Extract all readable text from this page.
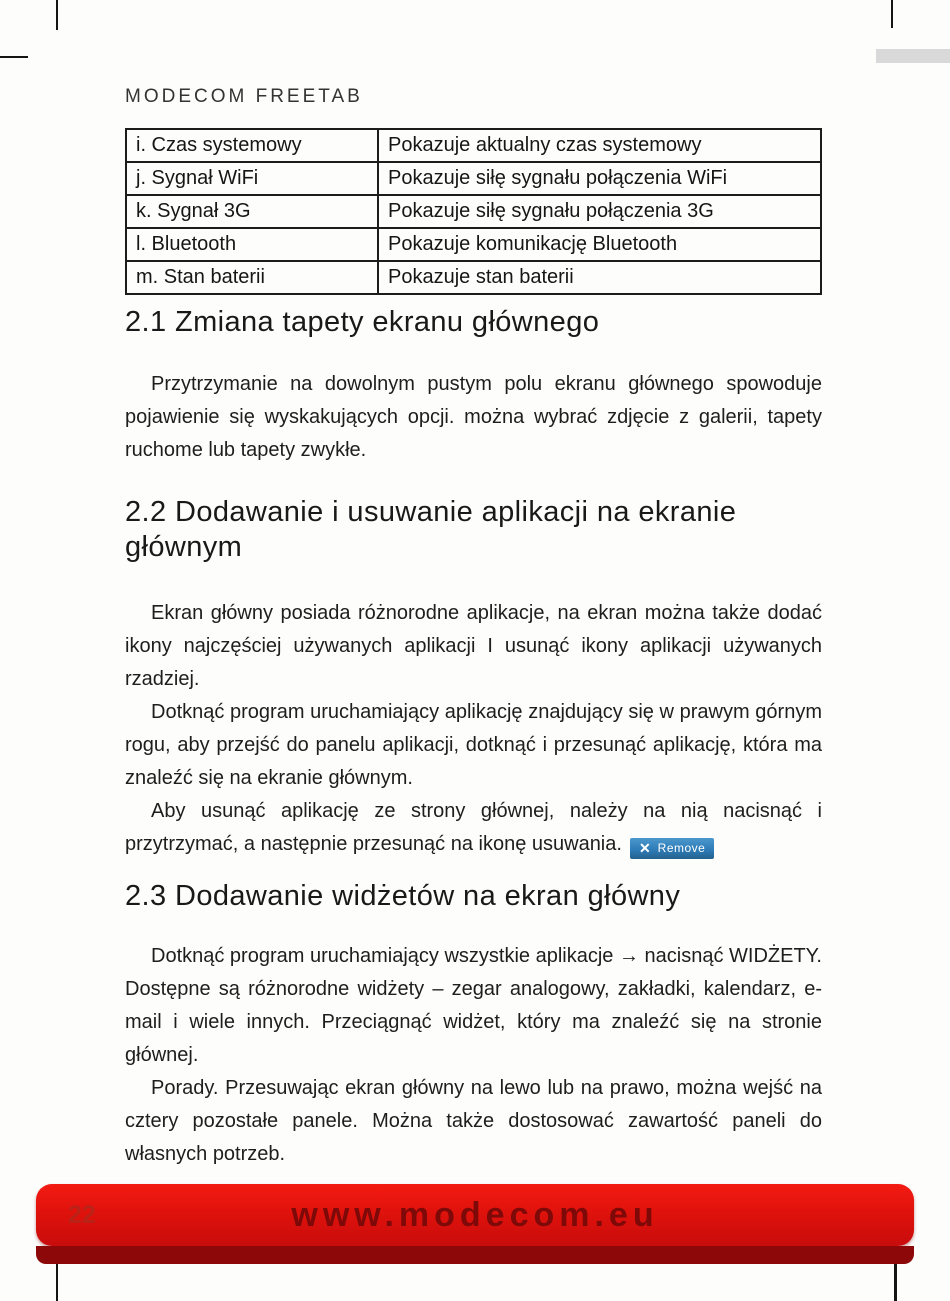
MODECOM FREETAB
i. Czas systemowy	Pokazuje aktualny czas systemowy
j. Sygnał WiFi	Pokazuje siłę sygnału połączenia WiFi
k. Sygnał 3G	Pokazuje siłę sygnału połączenia 3G
l. Bluetooth	Pokazuje komunikację Bluetooth
m. Stan baterii	Pokazuje stan baterii
2.1 Zmiana tapety ekranu głównego

Przytrzymanie na dowolnym pustym polu ekranu głównego spowoduje pojawienie się wyskakujących opcji. można wybrać zdjęcie z galerii, tapety ruchome lub tapety zwykłe.

2.2 Dodawanie i usuwanie aplikacji na ekranie głównym

Ekran główny posiada różnorodne aplikacje, na ekran można także dodać ikony najczęściej używanych aplikacji I usunąć ikony aplikacji używanych rzadziej.

Dotknąć program uruchamiający aplikację znajdujący się w prawym górnym rogu, aby przejść do panelu aplikacji, dotknąć i przesunąć aplikację, która ma znaleźć się na ekranie głównym.

Aby usunąć aplikację ze strony głównej, należy na nią nacisnąć i przytrzymać, a następnie przesunąć na ikonę usuwania. ✕ Remove

2.3 Dodawanie widżetów na ekran główny

Dotknąć program uruchamiający wszystkie aplikacje → nacisnąć WIDŻETY. Dostępne są różnorodne widżety – zegar analogowy, zakładki, kalendarz, e-mail i wiele innych. Przeciągnąć widżet, który ma znaleźć się na stronie głównej.

Porady. Przesuwając ekran główny na lewo lub na prawo, można wejść na cztery pozostałe panele. Można także dostosować zawartość paneli do własnych potrzeb.

22	www.modecom.eu
